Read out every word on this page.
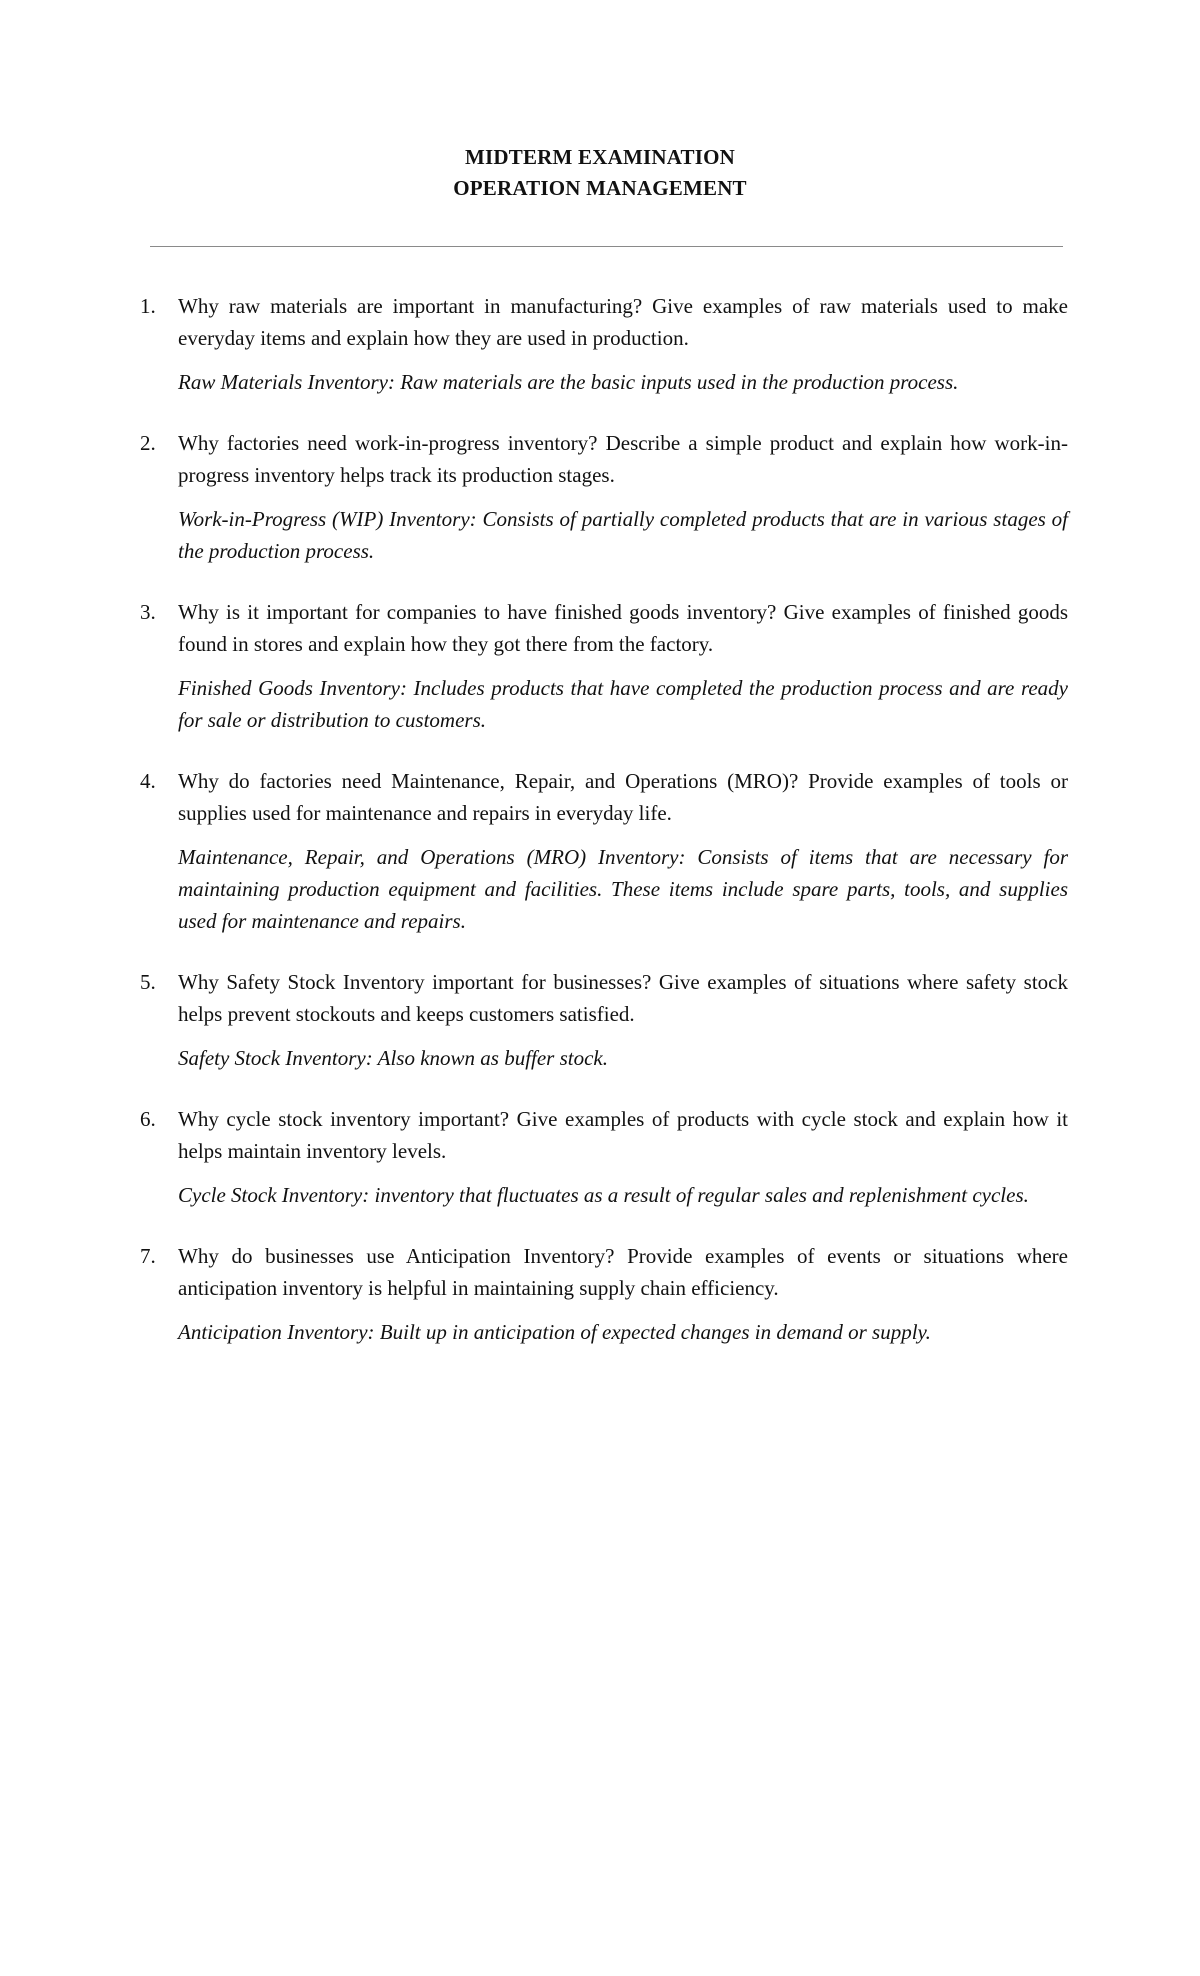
MIDTERM EXAMINATION
OPERATION MANAGEMENT
1. Why raw materials are important in manufacturing? Give examples of raw materials used to make everyday items and explain how they are used in production.

Raw Materials Inventory: Raw materials are the basic inputs used in the production process.

2. Why factories need work-in-progress inventory? Describe a simple product and explain how work-in-progress inventory helps track its production stages.

Work-in-Progress (WIP) Inventory: Consists of partially completed products that are in various stages of the production process.

3. Why is it important for companies to have finished goods inventory? Give examples of finished goods found in stores and explain how they got there from the factory.

Finished Goods Inventory: Includes products that have completed the production process and are ready for sale or distribution to customers.

4. Why do factories need Maintenance, Repair, and Operations (MRO)? Provide examples of tools or supplies used for maintenance and repairs in everyday life.

Maintenance, Repair, and Operations (MRO) Inventory: Consists of items that are necessary for maintaining production equipment and facilities. These items include spare parts, tools, and supplies used for maintenance and repairs.

5. Why Safety Stock Inventory important for businesses? Give examples of situations where safety stock helps prevent stockouts and keeps customers satisfied.

Safety Stock Inventory: Also known as buffer stock.

6. Why cycle stock inventory important? Give examples of products with cycle stock and explain how it helps maintain inventory levels.

Cycle Stock Inventory: inventory that fluctuates as a result of regular sales and replenishment cycles.

7. Why do businesses use Anticipation Inventory? Provide examples of events or situations where anticipation inventory is helpful in maintaining supply chain efficiency.

Anticipation Inventory: Built up in anticipation of expected changes in demand or supply.
